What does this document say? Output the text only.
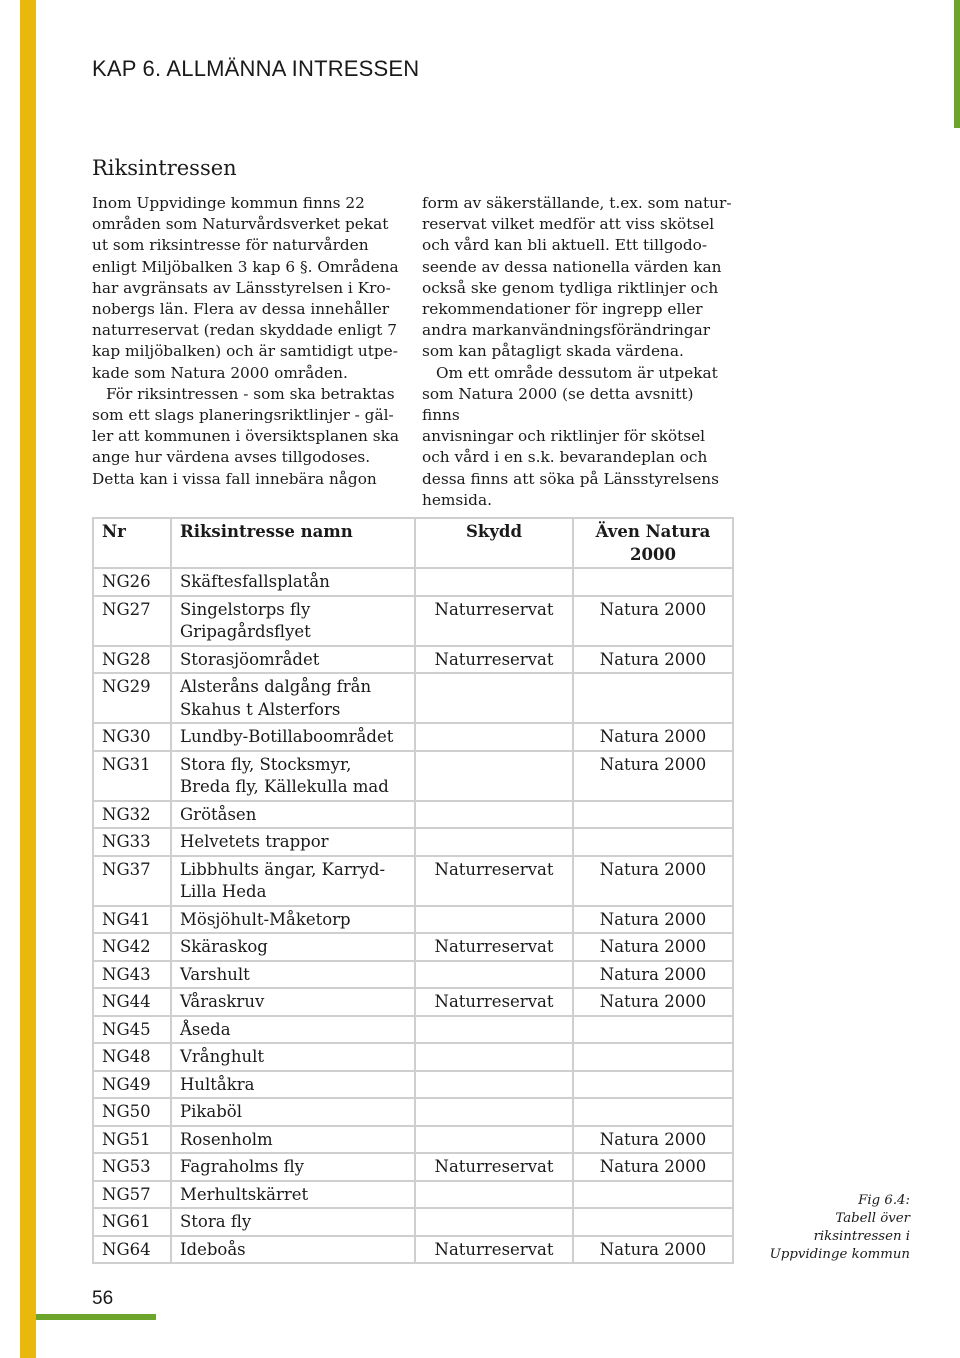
KAP 6. ALLMÄNNA INTRESSEN
Riksintressen

Inom Uppvidinge kommun finns 22
områden som Naturvårdsverket pekat
ut som riksintresse för naturvården
enligt Miljöbalken 3 kap 6 §. Områdena
har avgränsats av Länsstyrelsen i Kro-
nobergs län. Flera av dessa innehåller
naturreservat (redan skyddade enligt 7
kap miljöbalken) och är samtidigt utpe-
kade som Natura 2000 områden.

För riksintressen - som ska betraktas
som ett slags planeringsriktlinjer - gäl-
ler att kommunen i översiktsplanen ska
ange hur värdena avses tillgodoses.
Detta kan i vissa fall innebära någon

form av säkerställande, t.ex. som natur-
reservat vilket medför att viss skötsel
och vård kan bli aktuell. Ett tillgodo-
seende av dessa nationella värden kan
också ske genom tydliga riktlinjer och
rekommendationer för ingrepp eller
andra markanvändningsförändringar
som kan påtagligt skada värdena.

Om ett område dessutom är utpekat
som Natura 2000 (se detta avsnitt) finns
anvisningar och riktlinjer för skötsel
och vård i en s.k. bevarandeplan och
dessa finns att söka på Länsstyrelsens
hemsida.

Nr	Riksintresse namn	Skydd	Även Natura 2000
NG26	Skäftesfallsplatån		
NG27	Singelstorps fly
Gripagårdsflyet	Naturreservat	Natura 2000
NG28	Storasjöområdet	Naturreservat	Natura 2000
NG29	Alsteråns dalgång från
Skahus t Alsterfors		
NG30	Lundby-Botillaboområdet		Natura 2000
NG31	Stora fly, Stocksmyr,
Breda fly, Källekulla mad		Natura 2000
NG32	Grötåsen		
NG33	Helvetets trappor		
NG37	Libbhults ängar, Karryd-
Lilla Heda	Naturreservat	Natura 2000
NG41	Mösjöhult-Måketorp		Natura 2000
NG42	Skäraskog	Naturreservat	Natura 2000
NG43	Varshult		Natura 2000
NG44	Våraskruv	Naturreservat	Natura 2000
NG45	Åseda		
NG48	Vrånghult		
NG49	Hultåkra		
NG50	Pikaböl		
NG51	Rosenholm		Natura 2000
NG53	Fagraholms fly	Naturreservat	Natura 2000
NG57	Merhultskärret		
NG61	Stora fly		
NG64	Ideboås	Naturreservat	Natura 2000
Fig 6.4:
Tabell över riksintressen i Uppvidinge kommun
56
